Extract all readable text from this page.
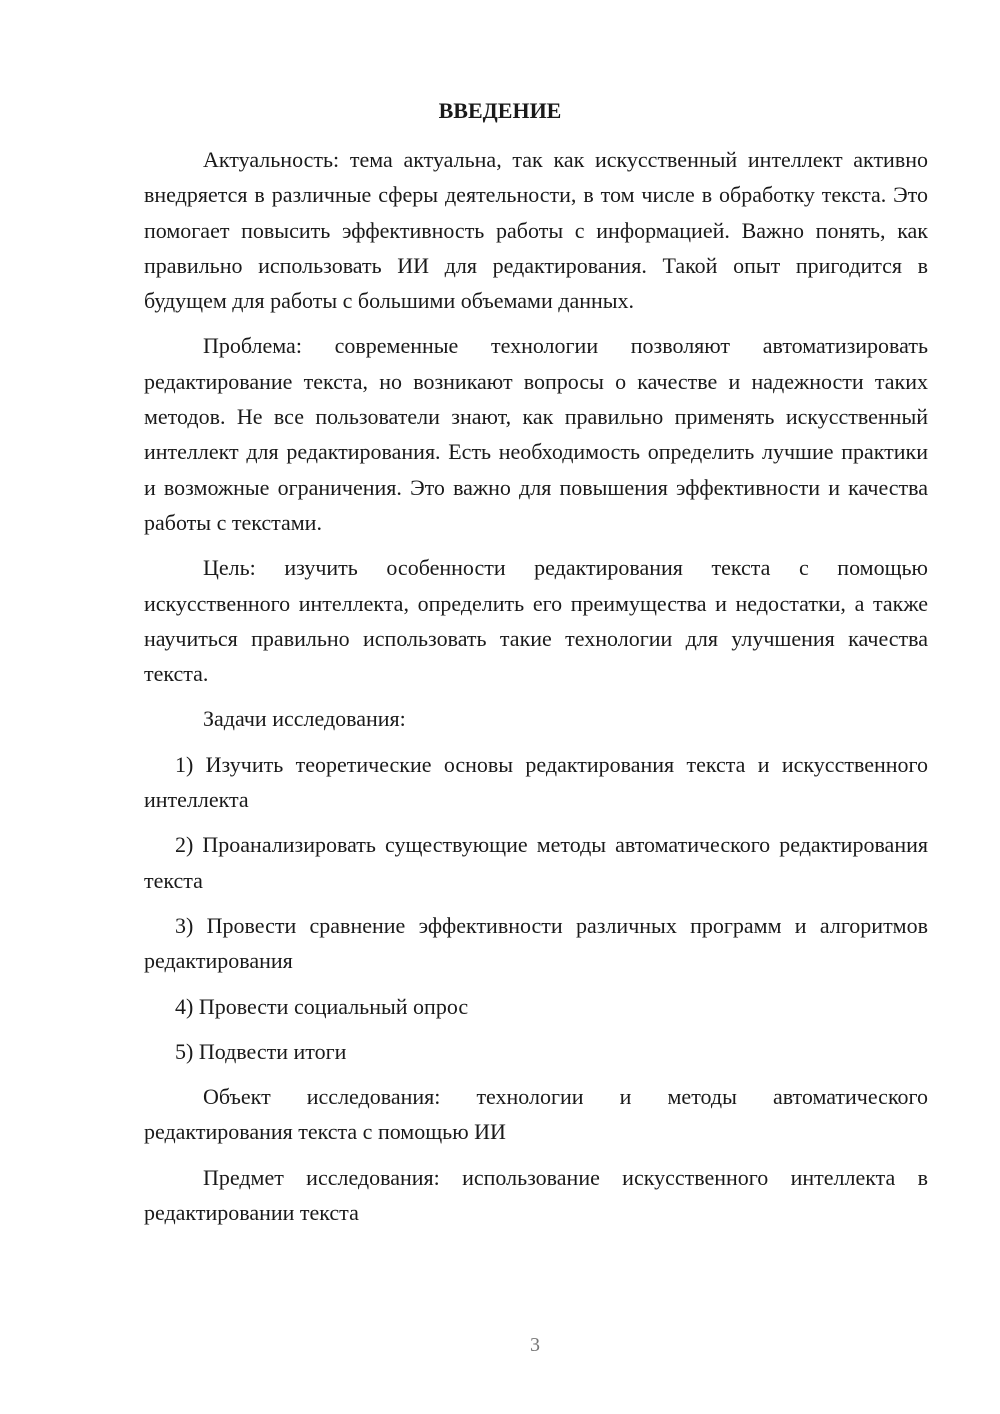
ВВЕДЕНИЕ

Актуальность: тема актуальна, так как искусственный интеллект активно внедряется в различные сферы деятельности, в том числе в обработку текста. Это помогает повысить эффективность работы с информацией. Важно понять, как правильно использовать ИИ для редактирования. Такой опыт пригодится в будущем для работы с большими объемами данных.

Проблема: современные технологии позволяют автоматизировать редактирование текста, но возникают вопросы о качестве и надежности таких методов. Не все пользователи знают, как правильно применять искусственный интеллект для редактирования. Есть необходимость определить лучшие практики и возможные ограничения. Это важно для повышения эффективности и качества работы с текстами.

Цель: изучить особенности редактирования текста с помощью искусственного интеллекта, определить его преимущества и недостатки, а также научиться правильно использовать такие технологии для улучшения качества текста.

Задачи исследования:

1) Изучить теоретические основы редактирования текста и искусственного интеллекта

2) Проанализировать существующие методы автоматического редактирования текста

3) Провести сравнение эффективности различных программ и алгоритмов редактирования

4) Провести социальный опрос

5) Подвести итоги

Объект исследования: технологии и методы автоматического редактирования текста с помощью ИИ

Предмет исследования: использование искусственного интеллекта в редактировании текста

3
